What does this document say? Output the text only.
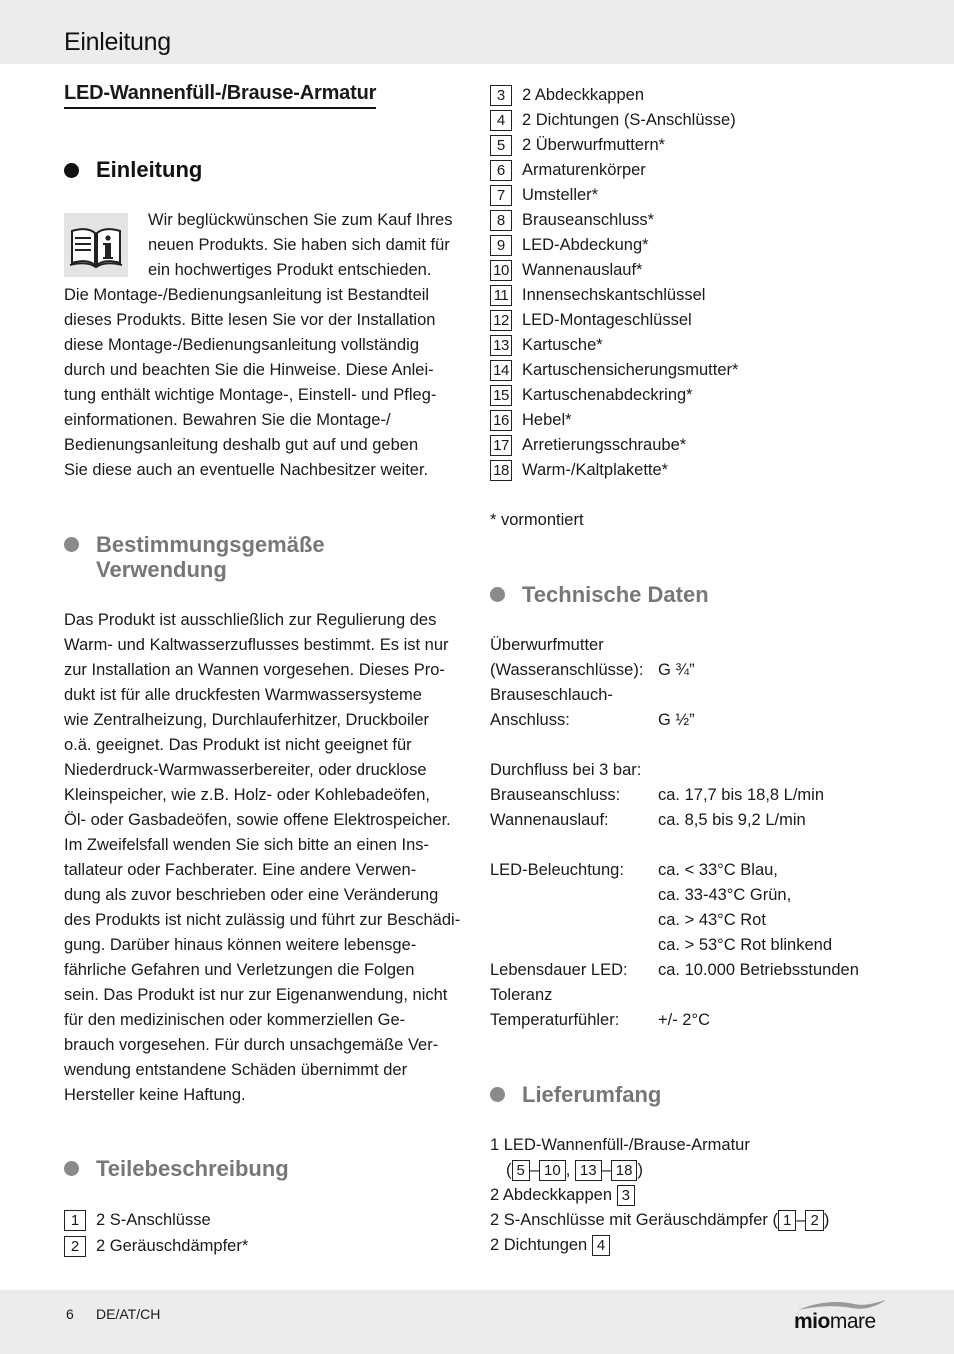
Einleitung
LED-Wannenfüll-/Brause-Armatur
Einleitung
Wir beglückwünschen Sie zum Kauf Ihres
neuen Produkts. Sie haben sich damit für
ein hochwertiges Produkt entschieden.
Die Montage-/Bedienungsanleitung ist Bestandteil
dieses Produkts. Bitte lesen Sie vor der Installation
diese Montage-/Bedienungsanleitung vollständig
durch und beachten Sie die Hinweise. Diese Anlei-
tung enthält wichtige Montage-, Einstell- und Pfleg-
einformationen. Bewahren Sie die Montage-/
Bedienungsanleitung deshalb gut auf und geben
Sie diese auch an eventuelle Nachbesitzer weiter.
Bestimmungsgemäße
Verwendung
Das Produkt ist ausschließlich zur Regulierung des
Warm- und Kaltwasserzuflusses bestimmt. Es ist nur
zur Installation an Wannen vorgesehen. Dieses Pro-
dukt ist für alle druckfesten Warmwassersysteme
wie Zentralheizung, Durchlauferhitzer, Druckboiler
o.ä. geeignet. Das Produkt ist nicht geeignet für
Niederdruck-Warmwasserbereiter, oder drucklose
Kleinspeicher, wie z.B. Holz- oder Kohlebadeöfen,
Öl- oder Gasbadeöfen, sowie offene Elektrospeicher.
Im Zweifelsfall wenden Sie sich bitte an einen Ins-
tallateur oder Fachberater. Eine andere Verwen-
dung als zuvor beschrieben oder eine Veränderung
des Produkts ist nicht zulässig und führt zur Beschädi-
gung. Darüber hinaus können weitere lebensge-
fährliche Gefahren und Verletzungen die Folgen
sein. Das Produkt ist nur zur Eigenanwendung, nicht
für den medizinischen oder kommerziellen Ge-
brauch vorgesehen. Für durch unsachgemäße Ver-
wendung entstandene Schäden übernimmt der
Hersteller keine Haftung.
Teilebeschreibung
1 2 S-Anschlüsse
2 2 Geräuschdämpfer*
3 2 Abdeckkappen
4 2 Dichtungen (S-Anschlüsse)
5 2 Überwurfmuttern*
6 Armaturenkörper
7 Umsteller*
8 Brauseanschluss*
9 LED-Abdeckung*
10 Wannenauslauf*
11 Innensechskantschlüssel
12 LED-Montageschlüssel
13 Kartusche*
14 Kartuschensicherungsmutter*
15 Kartuschenabdeckring*
16 Hebel*
17 Arretierungsschraube*
18 Warm-/Kaltplakette*
* vormontiert
Technische Daten
Überwurfmutter
(Wasseranschlüsse): G ¾”
Brauseschlauch-
Anschluss:	G ½”
Durchfluss bei 3 bar:
Brauseanschluss: ca. 17,7 bis 18,8 L/min
Wannenauslauf:	ca. 8,5 bis 9,2 L/min
LED-Beleuchtung: ca. < 33°C Blau,
ca. 33-43°C Grün,
ca. > 43°C Rot
ca. > 53°C Rot blinkend
Lebensdauer LED: ca. 10.000 Betriebsstunden
Toleranz
Temperaturfühler: +/- 2°C
Lieferumfang
1 LED-Wannenfüll-/Brause-Armatur
( 5 – 10 , 13 – 18 )
2 Abdeckkappen 3
2 S-Anschlüsse mit Geräuschdämpfer ( 1 – 2 )
2 Dichtungen 4
6 DE/AT/CH	miomare
